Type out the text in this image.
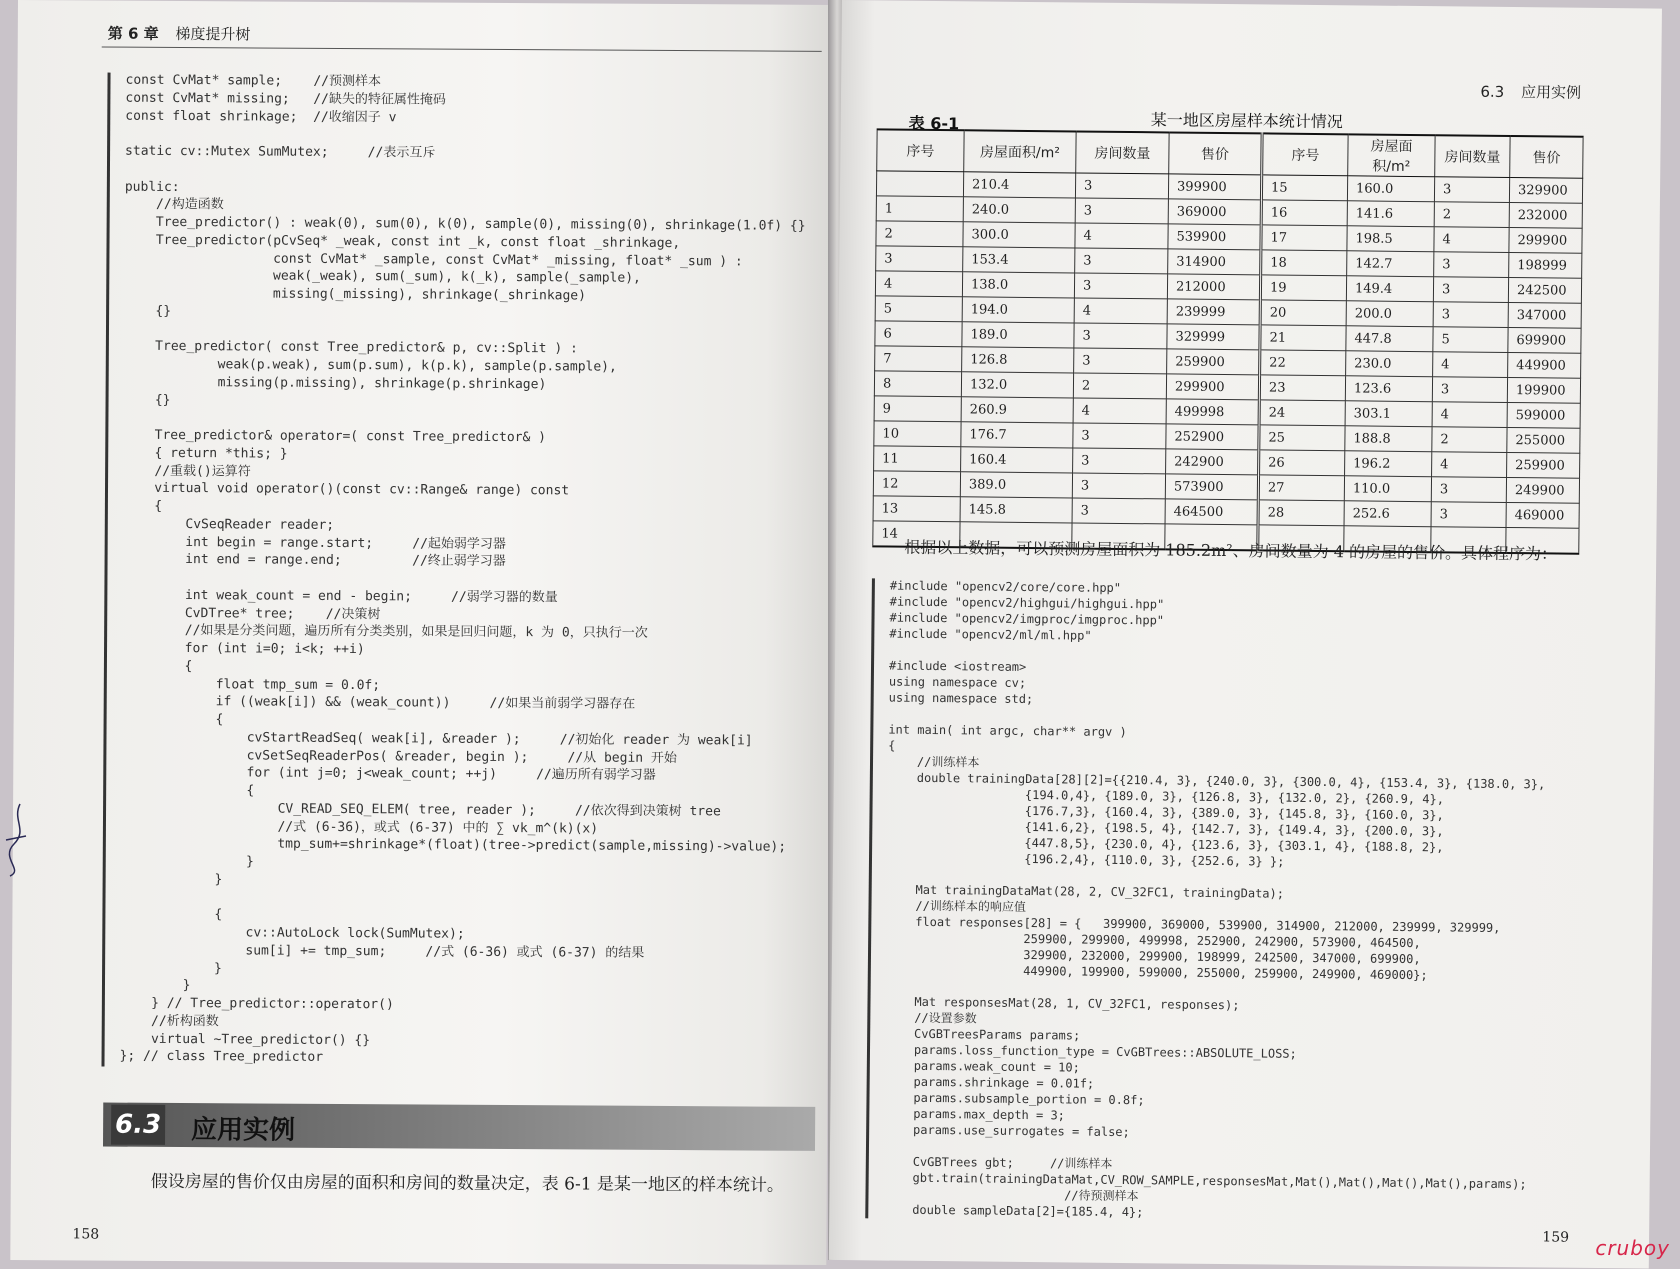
第 6 章 梯度提升树
const CvMat* sample;    //预测样本
const CvMat* missing;   //缺失的特征属性掩码
const float shrinkage;  //收缩因子 v
static cv::Mutex SumMutex;     //表示互斥
public:
//构造函数
Tree_predictor() : weak(0), sum(0), k(0), sample(0), missing(0), shrinkage(1.0f) {}
Tree_predictor(pCvSeq* _weak, const int _k, const float _shrinkage,
const CvMat* _sample, const CvMat* _missing, float* _sum ) :
weak(_weak), sum(_sum), k(_k), sample(_sample),
missing(_missing), shrinkage(_shrinkage)
{}
Tree_predictor( const Tree_predictor& p, cv::Split ) :
weak(p.weak), sum(p.sum), k(p.k), sample(p.sample),
missing(p.missing), shrinkage(p.shrinkage)
{}
Tree_predictor& operator=( const Tree_predictor& )
{ return *this; }
//重载()运算符
virtual void operator()(const cv::Range& range) const
{
CvSeqReader reader;
int begin = range.start;     //起始弱学习器
int end = range.end;         //终止弱学习器
int weak_count = end - begin;     //弱学习器的数量
CvDTree* tree;    //决策树
//如果是分类问题，遍历所有分类类别，如果是回归问题，k 为 0，只执行一次
for (int i=0; i<k; ++i)
{
float tmp_sum = 0.0f;
if ((weak[i]) && (weak_count))     //如果当前弱学习器存在
{
cvStartReadSeq( weak[i], &reader );     //初始化 reader 为 weak[i]
cvSetSeqReaderPos( &reader, begin );     //从 begin 开始
for (int j=0; j<weak_count; ++j)     //遍历所有弱学习器
{
CV_READ_SEQ_ELEM( tree, reader );     //依次得到决策树 tree
//式 (6-36)，或式 (6-37) 中的 ∑ vk_m^(k)(x)
tmp_sum+=shrinkage*(float)(tree->predict(sample,missing)->value);
}
}
{
cv::AutoLock lock(SumMutex);
sum[i] += tmp_sum;     //式 (6-36) 或式 (6-37) 的结果
}
}
} // Tree_predictor::operator()
//析构函数
virtual ~Tree_predictor() {}
}; // class Tree_predictor
6.3 应用实例
假设房屋的售价仅由房屋的面积和房间的数量决定，表 6-1 是某一地区的样本统计。
158
6.3 应用实例
表 6-1	某一地区房屋样本统计情况
序号	房屋面积/m²	房间数量	售价	序号	房屋面积/m²	房间数量	售价
	210.4	3	399900	15	160.0	3	329900
1	240.0	3	369000	16	141.6	2	232000
2	300.0	4	539900	17	198.5	4	299900
3	153.4	3	314900	18	142.7	3	198999
4	138.0	3	212000	19	149.4	3	242500
5	194.0	4	239999	20	200.0	3	347000
6	189.0	3	329999	21	447.8	5	699900
7	126.8	3	259900	22	230.0	4	449900
8	132.0	2	299900	23	123.6	3	199900
9	260.9	4	499998	24	303.1	4	599000
10	176.7	3	252900	25	188.8	2	255000
11	160.4	3	242900	26	196.2	4	259900
12	389.0	3	573900	27	110.0	3	249900
13	145.8	3	464500	28	252.6	3	469000
14							
根据以上数据，可以预测房屋面积为 185.2m²、房间数量为 4 的房屋的售价。具体程序为：
#include "opencv2/core/core.hpp"
#include "opencv2/highgui/highgui.hpp"
#include "opencv2/imgproc/imgproc.hpp"
#include "opencv2/ml/ml.hpp"
#include <iostream>
using namespace cv;
using namespace std;
int main( int argc, char** argv )
{
//训练样本
double trainingData[28][2]={{210.4, 3}, {240.0, 3}, {300.0, 4}, {153.4, 3}, {138.0, 3},
{194.0,4}, {189.0, 3}, {126.8, 3}, {132.0, 2}, {260.9, 4},
{176.7,3}, {160.4, 3}, {389.0, 3}, {145.8, 3}, {160.0, 3},
{141.6,2}, {198.5, 4}, {142.7, 3}, {149.4, 3}, {200.0, 3},
{447.8,5}, {230.0, 4}, {123.6, 3}, {303.1, 4}, {188.8, 2},
{196.2,4}, {110.0, 3}, {252.6, 3} };
Mat trainingDataMat(28, 2, CV_32FC1, trainingData);
//训练样本的响应值
float responses[28] = {   399900, 369000, 539900, 314900, 212000, 239999, 329999,
259900, 299900, 499998, 252900, 242900, 573900, 464500,
329900, 232000, 299900, 198999, 242500, 347000, 699900,
449900, 199900, 599000, 255000, 259900, 249900, 469000};
Mat responsesMat(28, 1, CV_32FC1, responses);
//设置参数
CvGBTreesParams params;
params.loss_function_type = CvGBTrees::ABSOLUTE_LOSS;
params.weak_count = 10;
params.shrinkage = 0.01f;
params.subsample_portion = 0.8f;
params.max_depth = 3;
params.use_surrogates = false;
CvGBTrees gbt;     //训练样本
gbt.train(trainingDataMat,CV_ROW_SAMPLE,responsesMat,Mat(),Mat(),Mat(),Mat(),params);
//待预测样本
double sampleData[2]={185.4, 4};
159 cruboy
